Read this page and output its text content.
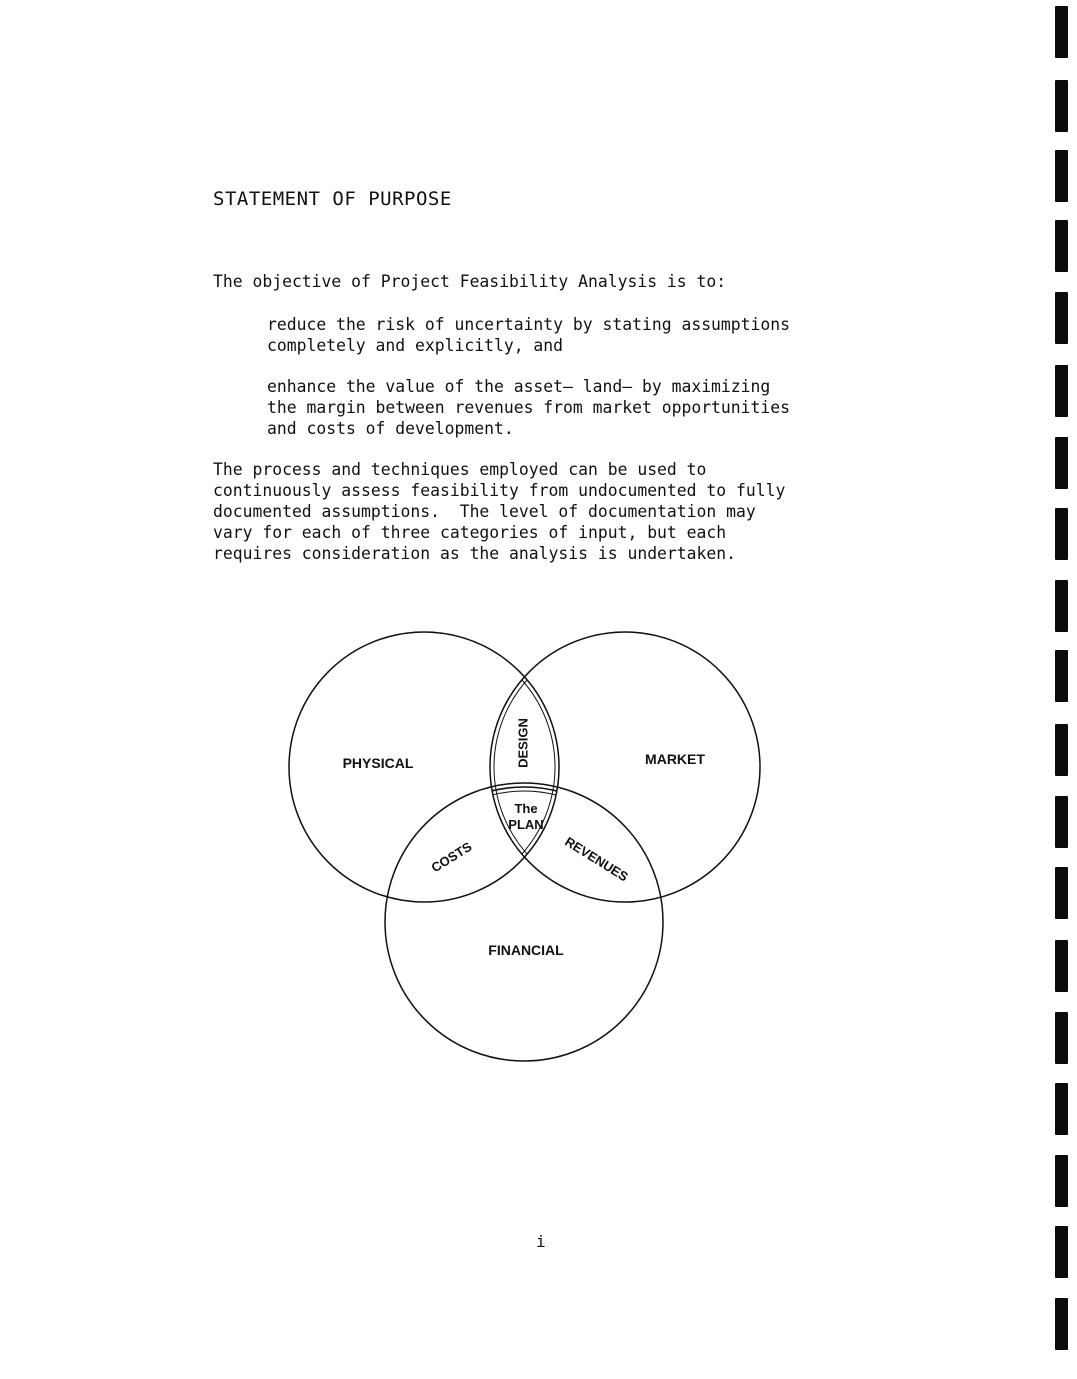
STATEMENT OF PURPOSE

The objective of Project Feasibility Analysis is to:

reduce the risk of uncertainty by stating assumptions

completely and explicitly, and

enhance the value of the asset— land— by maximizing

the margin between revenues from market opportunities

and costs of development.

The process and techniques employed can be used to

continuously assess feasibility from undocumented to fully

documented assumptions.  The level of documentation may

vary for each of three categories of input, but each

requires consideration as the analysis is undertaken.

PHYSICAL	MARKET
FINANCIAL
DESIGN
COSTS	REVENUES
The
PLAN
i
